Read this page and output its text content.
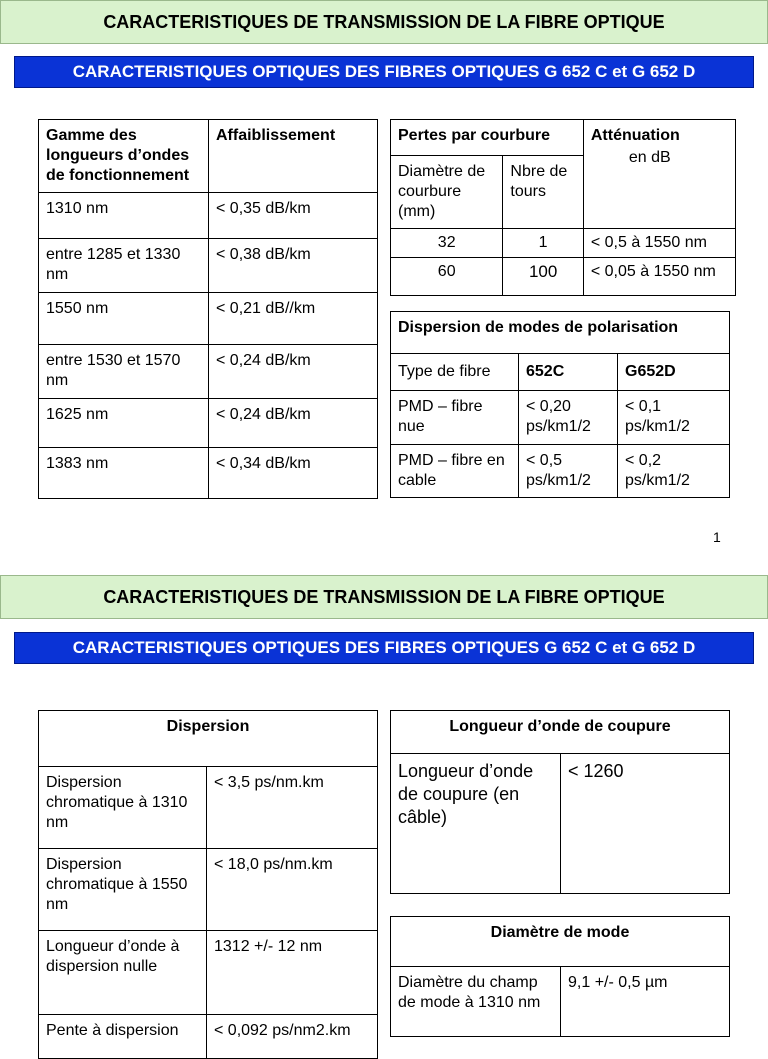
CARACTERISTIQUES DE TRANSMISSION DE LA FIBRE OPTIQUE
CARACTERISTIQUES OPTIQUES DES FIBRES OPTIQUES G 652 C et G 652 D
Gamme des longueurs d’ondes de fonctionnement	Affaiblissement
1310 nm	< 0,35 dB/km
entre 1285 et 1330 nm	< 0,38 dB/km
1550 nm	< 0,21 dB//km
entre 1530 et 1570 nm	< 0,24 dB/km
1625 nm	< 0,24 dB/km
1383 nm	< 0,34 dB/km
Pertes par courbure		Atténuation
en dB

Diamètre de courbure (mm)	Nbre de tours	
32	1	< 0,5 à 1550 nm
60	100	< 0,05 à 1550 nm
Dispersion de modes de polarisation		
Type de fibre	652C	G652D
PMD – fibre nue	< 0,20 ps/km1/2	< 0,1 ps/km1/2
PMD – fibre en cable	< 0,5 ps/km1/2	< 0,2 ps/km1/2
1
CARACTERISTIQUES DE TRANSMISSION DE LA FIBRE OPTIQUE
CARACTERISTIQUES OPTIQUES DES FIBRES OPTIQUES G 652 C et G 652 D
Dispersion	
Dispersion chromatique à 1310 nm	< 3,5 ps/nm.km
Dispersion chromatique à 1550 nm	< 18,0 ps/nm.km
Longueur d’onde à dispersion nulle	1312 +/- 12 nm
Pente à dispersion	< 0,092 ps/nm2.km
Longueur d’onde de coupure
Longueur d’onde de coupure (en câble)	< 1260
Diamètre de mode
Diamètre du champ de mode à 1310 nm	9,1 +/- 0,5 µm
